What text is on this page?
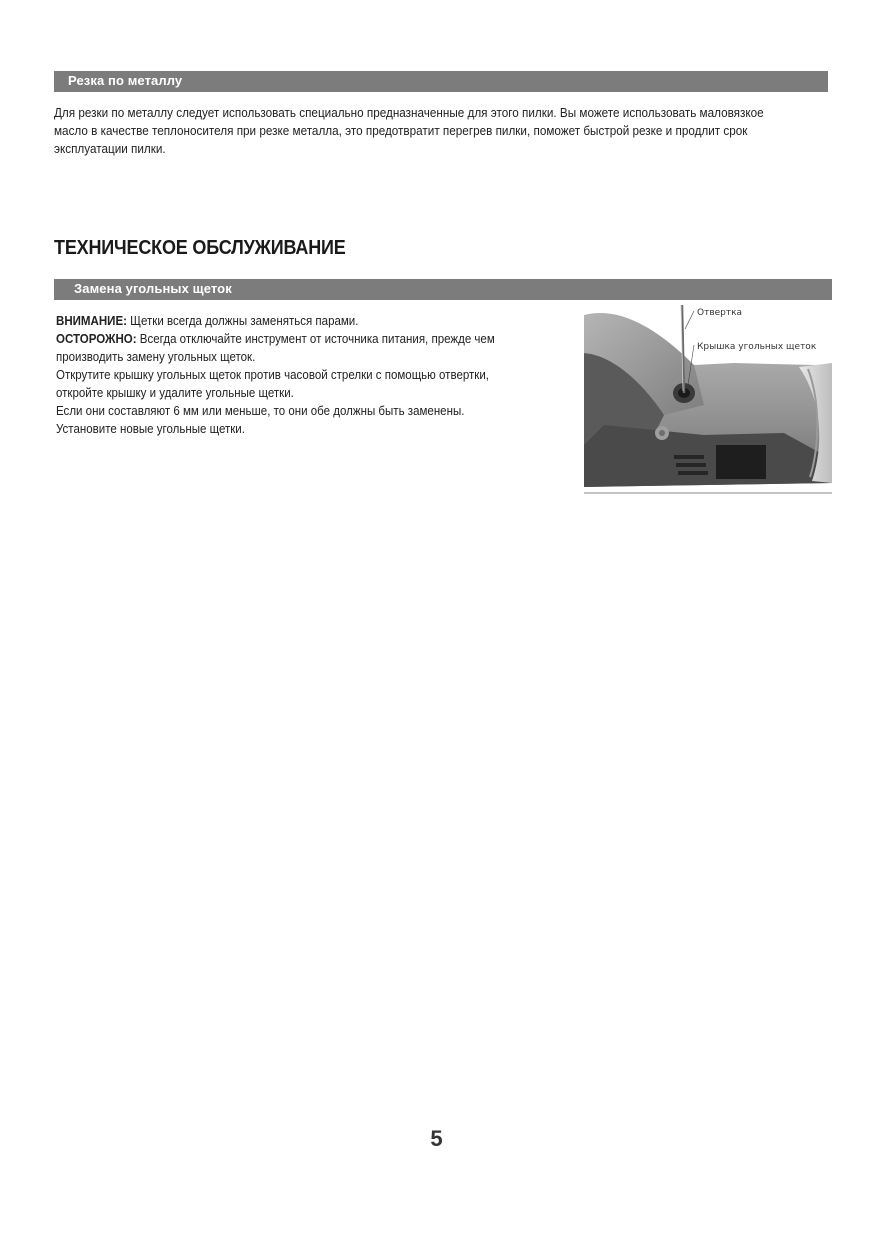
Резка по металлу

Для резки по металлу следует использовать специально предназначенные для этого пилки. Вы можете использовать маловязкое масло в качестве теплоносителя при резке металла, это предотвратит перегрев пилки, поможет быстрой резке и продлит срок эксплуатации пилки.

ТЕХНИЧЕСКОЕ ОБСЛУЖИВАНИЕ
Замена угольных щеток
ВНИМАНИЕ: Щетки всегда должны заменяться парами.
ОСТОРОЖНО: Всегда отключайте инструмент от источника питания, прежде чем
производить замену угольных щеток.
Открутите крышку угольных щеток против часовой стрелки с помощью отвертки,
откройте крышку и удалите угольные щетки.
Если они составляют 6 мм или меньше, то они обе должны быть заменены.
Установите новые угольные щетки.
Отвертка
Крышка угольных щеток
5
